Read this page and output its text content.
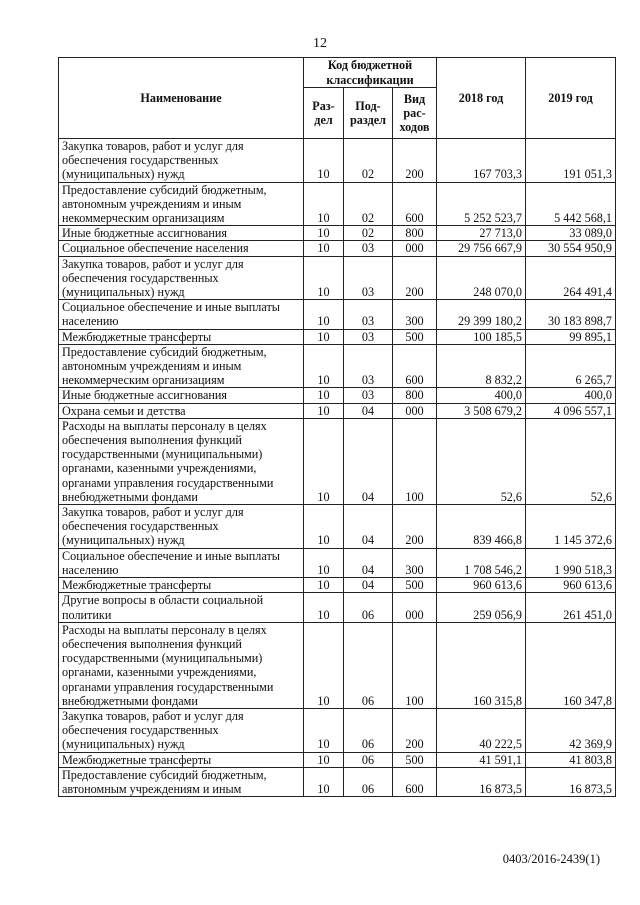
12
Наименование	Код бюджетной классификации			2018 год	2019 год
	Раз-дел	Под-раздел	Вид рас-ходов		
Закупка товаров, работ и услуг для обеспечения государственных (муниципальных) нужд	10	02	200	167 703,3	191 051,3
Предоставление субсидий бюджетным, автономным учреждениям и иным некоммерческим организациям	10	02	600	5 252 523,7	5 442 568,1
Иные бюджетные ассигнования	10	02	800	27 713,0	33 089,0
Социальное обеспечение населения	10	03	000	29 756 667,9	30 554 950,9
Закупка товаров, работ и услуг для обеспечения государственных (муниципальных) нужд	10	03	200	248 070,0	264 491,4
Социальное обеспечение и иные выплаты населению	10	03	300	29 399 180,2	30 183 898,7
Межбюджетные трансферты	10	03	500	100 185,5	99 895,1
Предоставление субсидий бюджетным, автономным учреждениям и иным некоммерческим организациям	10	03	600	8 832,2	6 265,7
Иные бюджетные ассигнования	10	03	800	400,0	400,0
Охрана семьи и детства	10	04	000	3 508 679,2	4 096 557,1
Расходы на выплаты персоналу в целях обеспечения выполнения функций государственными (муниципальными) органами, казенными учреждениями, органами управления государственными внебюджетными фондами	10	04	100	52,6	52,6
Закупка товаров, работ и услуг для обеспечения государственных (муниципальных) нужд	10	04	200	839 466,8	1 145 372,6
Социальное обеспечение и иные выплаты населению	10	04	300	1 708 546,2	1 990 518,3
Межбюджетные трансферты	10	04	500	960 613,6	960 613,6
Другие вопросы в области социальной политики	10	06	000	259 056,9	261 451,0
Расходы на выплаты персоналу в целях обеспечения выполнения функций государственными (муниципальными) органами, казенными учреждениями, органами управления государственными внебюджетными фондами	10	06	100	160 315,8	160 347,8
Закупка товаров, работ и услуг для обеспечения государственных (муниципальных) нужд	10	06	200	40 222,5	42 369,9
Межбюджетные трансферты	10	06	500	41 591,1	41 803,8
Предоставление субсидий бюджетным, автономным учреждениям и иным	10	06	600	16 873,5	16 873,5
0403/2016-2439(1)
